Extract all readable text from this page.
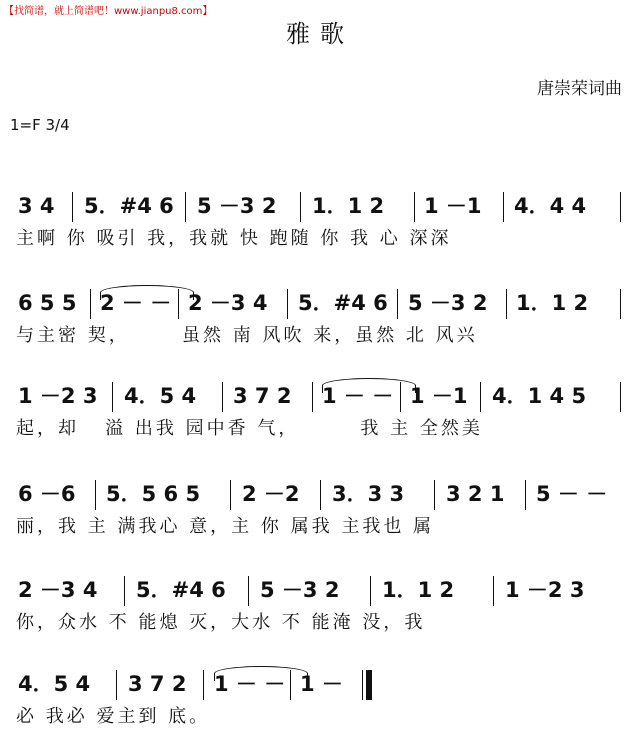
【找简谱，就上简谱吧！www.jianpu8.com】
雅歌
唐崇荣词曲
1=F 3/4
3 4 5．#4 6 5 －3 2 1．1 2 1 －1 4．4 4
主啊 你 吸引 我，我就 快 跑随 你 我 心 深深
6 5 5 2 － － 2 －3 4 5．#4 6 5 －3 2 1．1 2
与主密 契，      虽然 南 风吹 来，虽然 北 风兴
1 －2 3 4．5 4 3 7 2 1 － － 1 －1 4．1 4 5
起，却   溢 出我 园中香 气，       我 主 全然美
6 －6 5．5 6 5 2 －2 3．3 3 3 2 1 5 － －
丽，我 主 满我心 意，主 你 属我 主我也 属
2 －3 4 5．#4 6 5 －3 2 1．1 2 1 －2 3
你，众水 不 能熄 灭，大水 不 能淹 没，我
4．5 4 3 7 2 1 － － 1 －
必 我必 爱主到 底。
